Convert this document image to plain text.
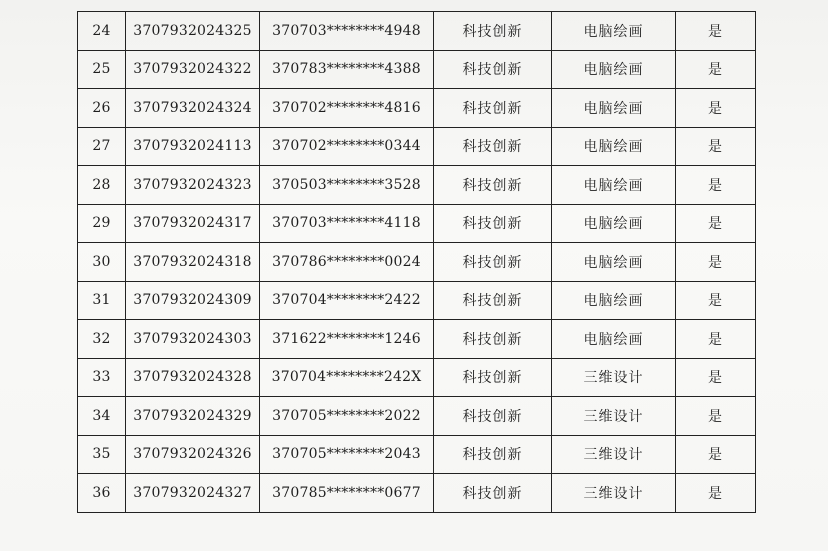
24	3707932024325	370703********4948	科技创新	电脑绘画	是
25	3707932024322	370783********4388	科技创新	电脑绘画	是
26	3707932024324	370702********4816	科技创新	电脑绘画	是
27	3707932024113	370702********0344	科技创新	电脑绘画	是
28	3707932024323	370503********3528	科技创新	电脑绘画	是
29	3707932024317	370703********4118	科技创新	电脑绘画	是
30	3707932024318	370786********0024	科技创新	电脑绘画	是
31	3707932024309	370704********2422	科技创新	电脑绘画	是
32	3707932024303	371622********1246	科技创新	电脑绘画	是
33	3707932024328	370704********242X	科技创新	三维设计	是
34	3707932024329	370705********2022	科技创新	三维设计	是
35	3707932024326	370705********2043	科技创新	三维设计	是
36	3707932024327	370785********0677	科技创新	三维设计	是
